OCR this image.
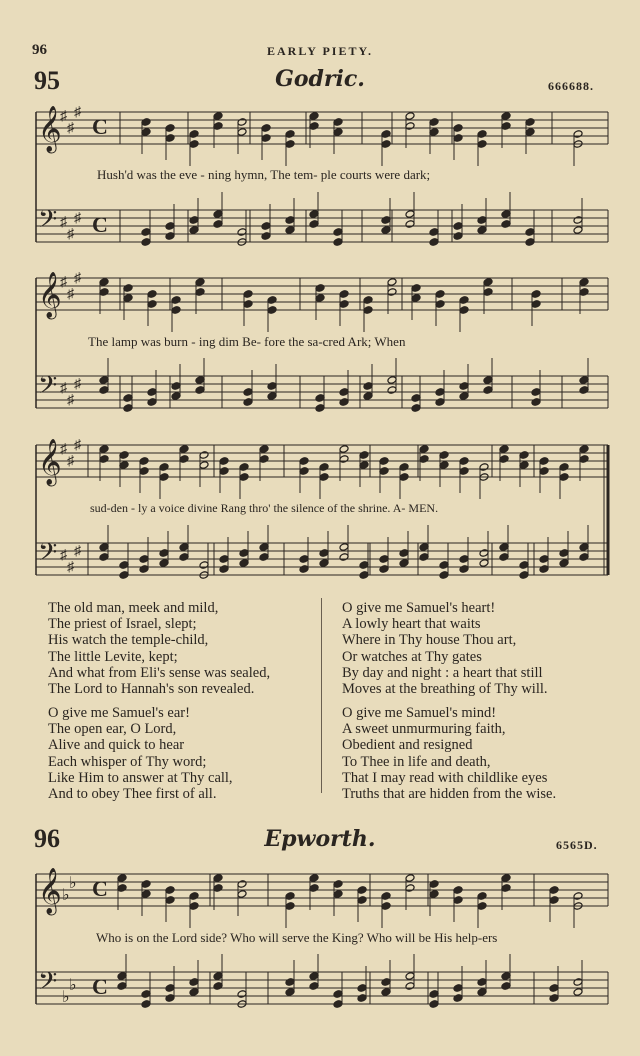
96	EARLY PIETY.
95	Godric.	666688.
𝄞
𝄢
♯
♯
♯
♯
♯
♯
C
C
𝄞
𝄢
♯
♯
♯
♯
♯
♯
𝄞
𝄢
♯
♯
♯
♯
♯
♯
𝄞
𝄢
♭
♭
♭
♭
C
C
Hush'd was the eve - ning hymn, The tem- ple courts were dark;
The lamp was burn - ing dim Be- fore the sa-cred Ark; When
sud-den - ly a voice divine Rang thro' the silence of the shrine. A- MEN.
The old man, meek and mild,
The priest of Israel, slept;
His watch the temple-child,
The little Levite, kept;
And what from Eli's sense was sealed,
The Lord to Hannah's son revealed.
O give me Samuel's ear!
The open ear, O Lord,
Alive and quick to hear
Each whisper of Thy word;
Like Him to answer at Thy call,
And to obey Thee first of all.
O give me Samuel's heart!
A lowly heart that waits
Where in Thy house Thou art,
Or watches at Thy gates
By day and night : a heart that still
Moves at the breathing of Thy will.
O give me Samuel's mind!
A sweet unmurmuring faith,
Obedient and resigned
To Thee in life and death,
That I may read with childlike eyes
Truths that are hidden from the wise.
96	Epworth.	6565D.
Who is on the Lord side? Who will serve the King? Who will be His help-ers
